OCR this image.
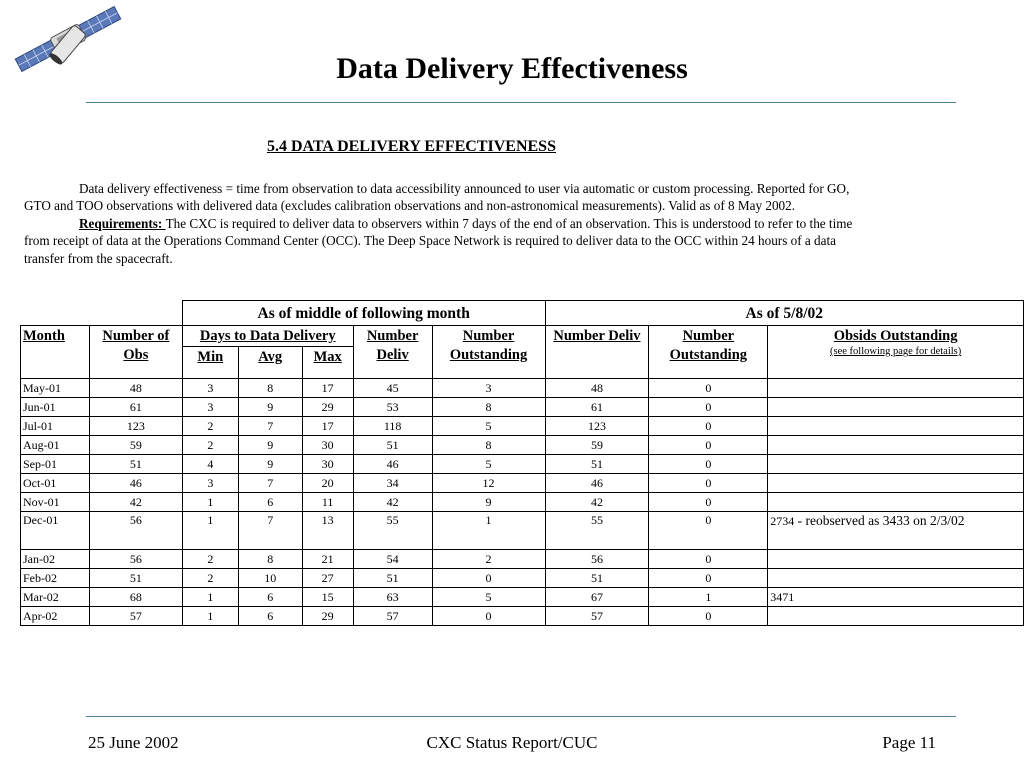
Data Delivery Effectiveness
5.4 DATA DELIVERY EFFECTIVENESS

Data delivery effectiveness = time from observation to data accessibility announced to user via automatic or custom processing. Reported for GO, GTO and TOO observations with delivered data (excludes calibration observations and non-astronomical measurements). Valid as of 8 May 2002.

Requirements: The CXC is required to deliver data to observers within 7 days of the end of an observation. This is understood to refer to the time from receipt of data at the Operations Command Center (OCC). The Deep Space Network is required to deliver data to the OCC within 24 hours of a data transfer from the spacecraft.

		As of middle of following month					As of 5/8/02		
Month	Number of Obs	Days to Data Delivery			Number Deliv	Number Outstanding	Number Deliv	Number Outstanding	Obsids Outstanding
(see following page for details)

		Min	Avg	Max					
May-01	48	3	8	17	45	3	48	0	
Jun-01	61	3	9	29	53	8	61	0	
Jul-01	123	2	7	17	118	5	123	0	
Aug-01	59	2	9	30	51	8	59	0	
Sep-01	51	4	9	30	46	5	51	0	
Oct-01	46	3	7	20	34	12	46	0	
Nov-01	42	1	6	11	42	9	42	0	
Dec-01	56	1	7	13	55	1	55	0	2734 - reobserved as 3433 on 2/3/02
Jan-02	56	2	8	21	54	2	56	0	
Feb-02	51	2	10	27	51	0	51	0	
Mar-02	68	1	6	15	63	5	67	1	3471
Apr-02	57	1	6	29	57	0	57	0	
25 June 2002	CXC Status Report/CUC	Page 11
